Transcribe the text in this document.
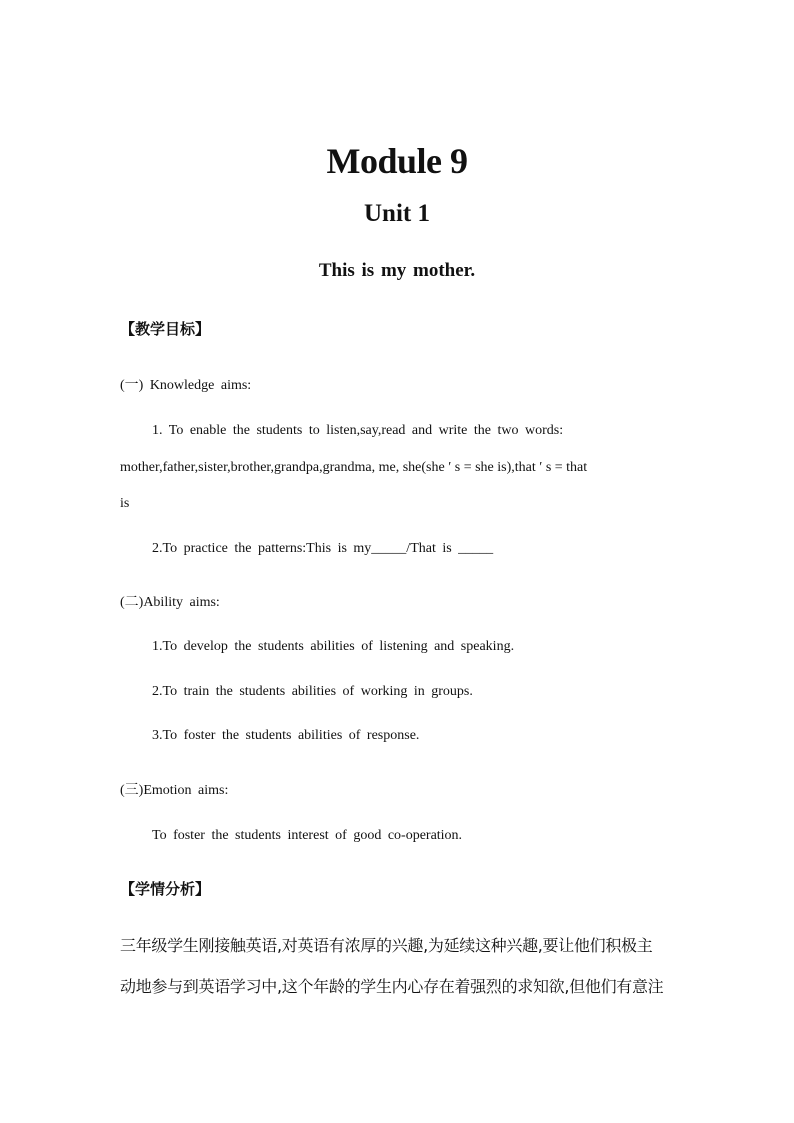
Module 9
Unit 1
This is my mother.
【教学目标】
(一) Knowledge aims:
1. To enable the students to listen,say,read and write the two words:
mother,father,sister,brother,grandpa,grandma, me, she(she ′ s = she is),that ′ s = that
is
2.To practice the patterns:This is my_____/That is _____
(二)Ability aims:
1.To develop the students abilities of listening and speaking.
2.To train the students abilities of working in groups.
3.To foster the students abilities of response.
(三)Emotion aims:
To foster the students interest of good co-operation.
【学情分析】
三年级学生刚接触英语,对英语有浓厚的兴趣,为延续这种兴趣,要让他们积极主
动地参与到英语学习中,这个年龄的学生内心存在着强烈的求知欲,但他们有意注
